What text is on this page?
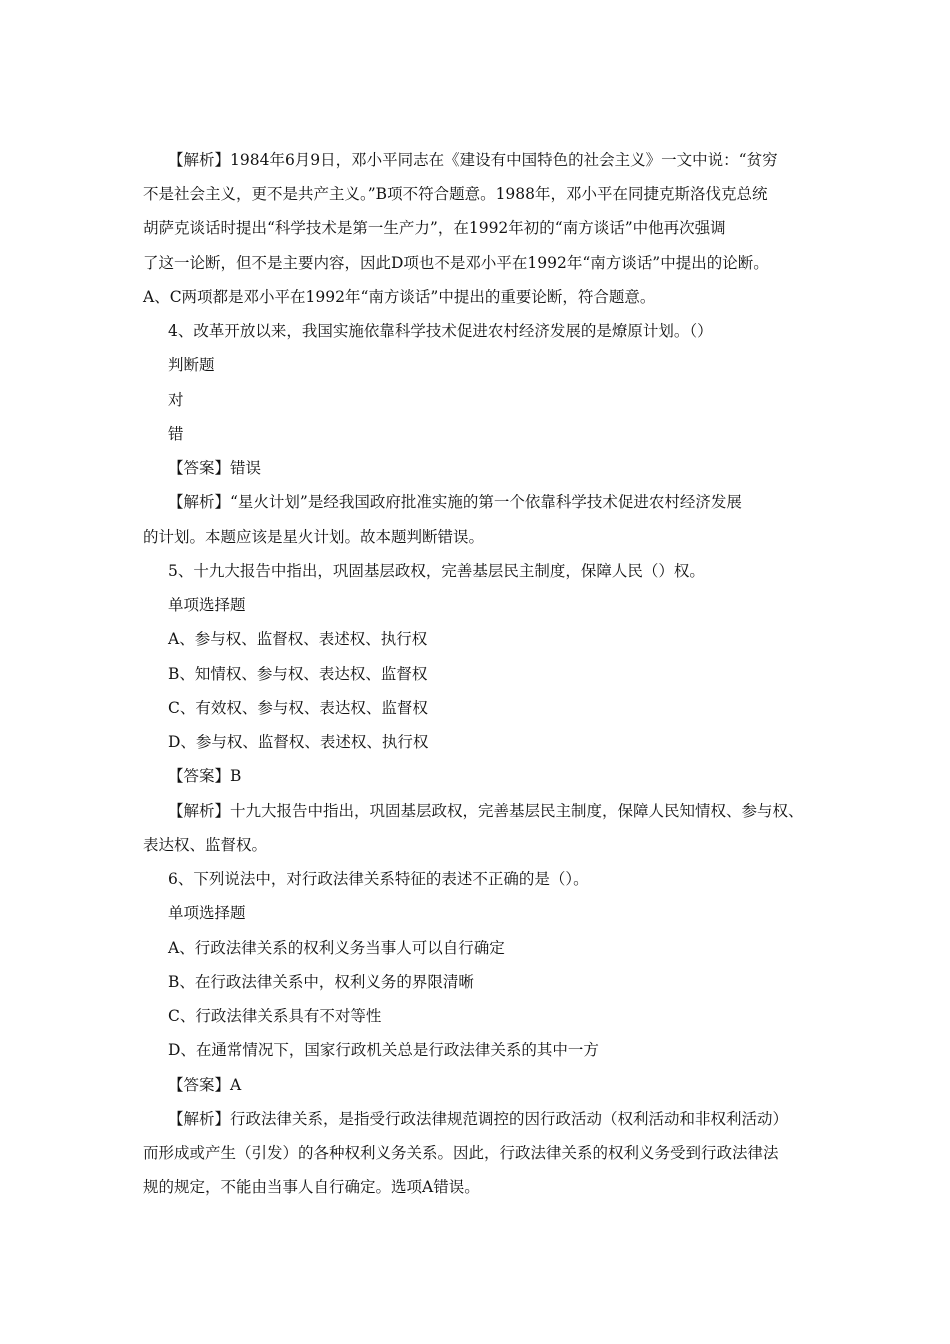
【解析】1984年6月9日，邓小平同志在《建设有中国特色的社会主义》一文中说：“贫穷
不是社会主义，更不是共产主义。”B项不符合题意。1988年，邓小平在同捷克斯洛伐克总统
胡萨克谈话时提出“科学技术是第一生产力”，在1992年初的“南方谈话”中他再次强调
了这一论断，但不是主要内容，因此D项也不是邓小平在1992年“南方谈话”中提出的论断。
A、C两项都是邓小平在1992年“南方谈话”中提出的重要论断，符合题意。
4、改革开放以来，我国实施依靠科学技术促进农村经济发展的是燎原计划。（）
判断题
对
错
【答案】错误
【解析】“星火计划”是经我国政府批准实施的第一个依靠科学技术促进农村经济发展
的计划。本题应该是星火计划。故本题判断错误。
5、十九大报告中指出，巩固基层政权，完善基层民主制度，保障人民（）权。
单项选择题
A、参与权、监督权、表述权、执行权
B、知情权、参与权、表达权、监督权
C、有效权、参与权、表达权、监督权
D、参与权、监督权、表述权、执行权
【答案】B
【解析】十九大报告中指出，巩固基层政权，完善基层民主制度，保障人民知情权、参与权、
表达权、监督权。
6、下列说法中，对行政法律关系特征的表述不正确的是（）。
单项选择题
A、行政法律关系的权利义务当事人可以自行确定
B、在行政法律关系中，权利义务的界限清晰
C、行政法律关系具有不对等性
D、在通常情况下，国家行政机关总是行政法律关系的其中一方
【答案】A
【解析】行政法律关系，是指受行政法律规范调控的因行政活动（权利活动和非权利活动）
而形成或产生（引发）的各种权利义务关系。因此，行政法律关系的权利义务受到行政法律法
规的规定，不能由当事人自行确定。选项A错误。
